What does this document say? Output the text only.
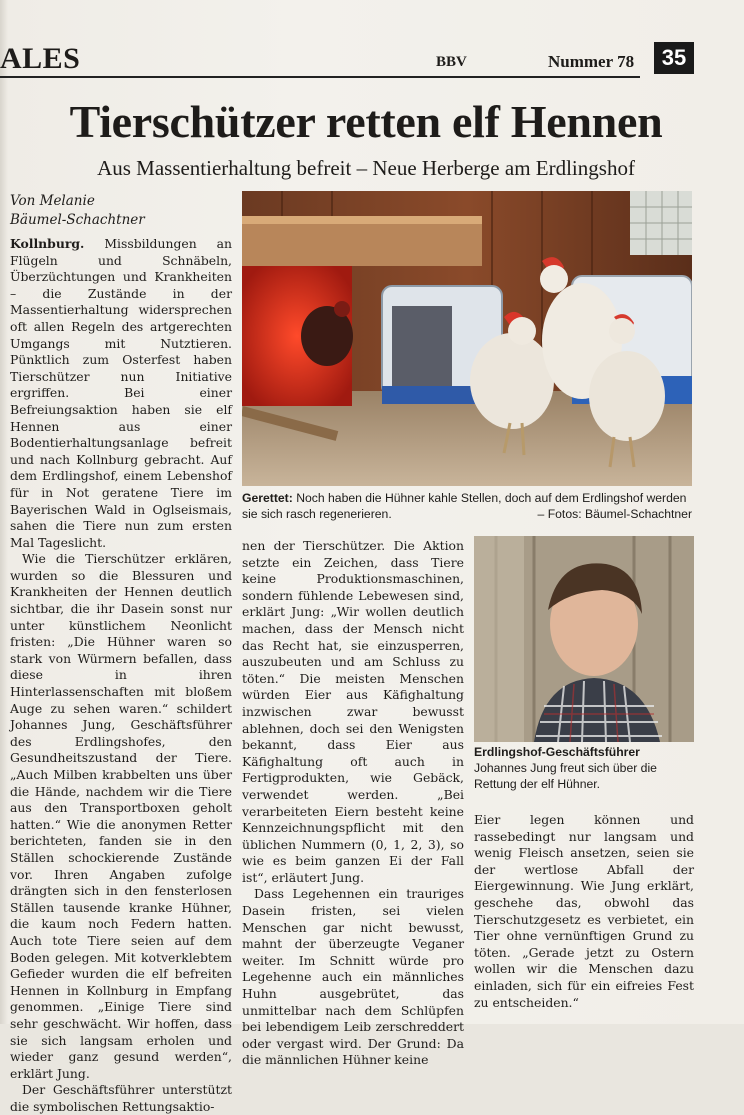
ALES	BBV	Nummer 78	35
Tierschützer retten elf Hennen
Aus Massentierhaltung befreit – Neue Herberge am Erdlingshof
Von Melanie
Bäumel-Schachtner

Kollnburg. Missbildungen an Flügeln und Schnäbeln, Überzüchtungen und Krankheiten – die Zustände in der Massentierhaltung widersprechen oft allen Regeln des artgerechten Umgangs mit Nutztieren. Pünktlich zum Osterfest haben Tierschützer nun Initiative ergriffen. Bei einer Befreiungsaktion haben sie elf Hennen aus einer Bodentierhaltungsanlage befreit und nach Kollnburg gebracht. Auf dem Erdlingshof, einem Lebenshof für in Not geratene Tiere im Bayerischen Wald in Oglseismais, sahen die Tiere nun zum ersten Mal Tageslicht.

Wie die Tierschützer erklären, wurden so die Blessuren und Krankheiten der Hennen deutlich sichtbar, die ihr Dasein sonst nur unter künstlichem Neonlicht fristen: „Die Hühner waren so stark von Würmern befallen, dass diese in ihren Hinterlassenschaften mit bloßem Auge zu sehen waren.“ schildert Johannes Jung, Geschäftsführer des Erdlingshofes, den Gesundheitszustand der Tiere. „Auch Milben krabbelten uns über die Hände, nachdem wir die Tiere aus den Transportboxen geholt hatten.“ Wie die anonymen Retter berichteten, fanden sie in den Ställen schockierende Zustände vor. Ihren Angaben zufolge drängten sich in den fensterlosen Ställen tausende kranke Hühner, die kaum noch Federn hatten. Auch tote Tiere seien auf dem Boden gelegen. Mit kotverklebtem Gefieder wurden die elf befreiten Hennen in Kollnburg in Empfang genommen. „Einige Tiere sind sehr geschwächt. Wir hoffen, dass sie sich langsam erholen und wieder ganz gesund werden“, erklärt Jung.

Der Geschäftsführer unterstützt die symbolischen Rettungsaktio-

Gerettet: Noch haben die Hühner kahle Stellen, doch auf dem Erdlingshof werden sie sich rasch regenerieren.	– Fotos: Bäumel-Schachtner

nen der Tierschützer. Die Aktion setzte ein Zeichen, dass Tiere keine Produktionsmaschinen, sondern fühlende Lebewesen sind, erklärt Jung: „Wir wollen deutlich machen, dass der Mensch nicht das Recht hat, sie einzusperren, auszubeuten und am Schluss zu töten.“ Die meisten Menschen würden Eier aus Käfighaltung inzwischen zwar bewusst ablehnen, doch sei den Wenigsten bekannt, dass Eier aus Käfighaltung oft auch in Fertigprodukten, wie Gebäck, verwendet werden. „Bei verarbeiteten Eiern besteht keine Kennzeichnungspflicht mit den üblichen Nummern (0, 1, 2, 3), so wie es beim ganzen Ei der Fall ist“, erläutert Jung.

Dass Legehennen ein trauriges Dasein fristen, sei vielen Menschen gar nicht bewusst, mahnt der überzeugte Veganer weiter. Im Schnitt würde pro Legehenne auch ein männliches Huhn ausgebrütet, das unmittelbar nach dem Schlüpfen bei lebendigem Leib zerschreddert oder vergast wird. Der Grund: Da die männlichen Hühner keine

Erdlingshof-Geschäftsführer Johannes Jung freut sich über die Rettung der elf Hühner.

Eier legen können und rassebedingt nur langsam und wenig Fleisch ansetzen, seien sie der wertlose Abfall der Eiergewinnung. Wie Jung erklärt, geschehe das, obwohl das Tierschutzgesetz es verbietet, ein Tier ohne vernünftigen Grund zu töten. „Gerade jetzt zu Ostern wollen wir die Menschen dazu einladen, sich für ein eifreies Fest zu entscheiden.“
